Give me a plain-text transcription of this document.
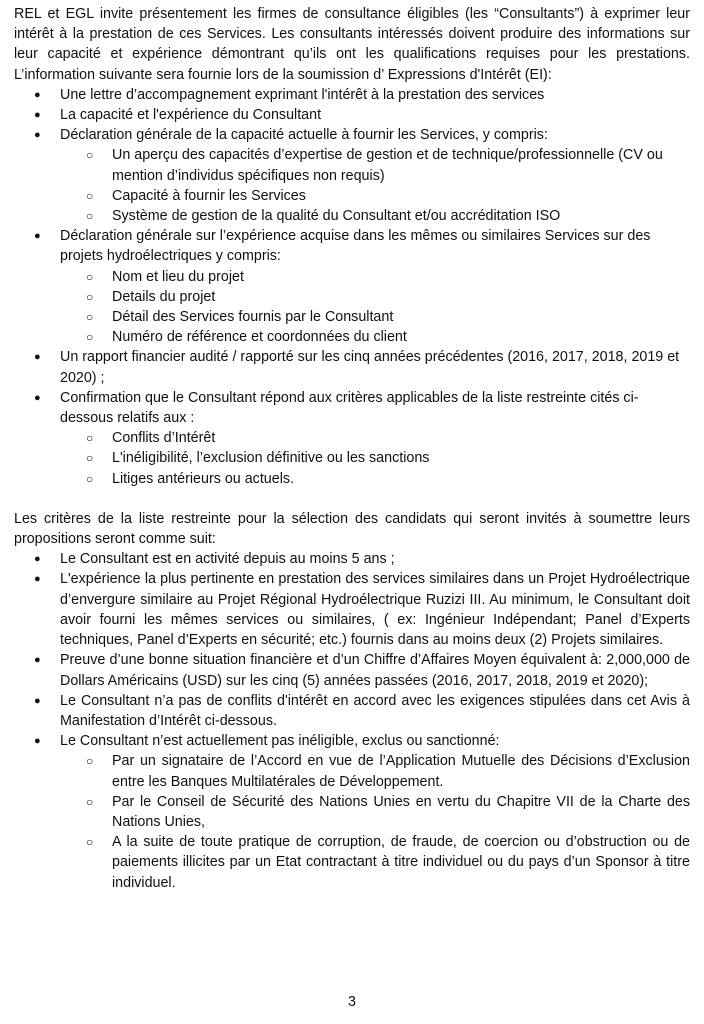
REL et EGL invite présentement les firmes de consultance éligibles (les “Consultants”) à exprimer leur intérêt à la prestation de ces Services. Les consultants intéressés doivent produire des informations sur leur capacité et expérience démontrant qu’ils ont les qualifications requises pour les prestations. L’information suivante sera fournie lors de la soumission d’ Expressions d'Intérêt (EI):

● Une lettre d’accompagnement exprimant l'intérêt à la prestation des services
● La capacité et l'expérience du Consultant
● Déclaration générale de la capacité actuelle à fournir les Services, y compris:
○ Un aperçu des capacités d’expertise de gestion et de technique/professionnelle (CV ou mention d’individus spécifiques non requis)
○ Capacité à fournir les Services
○ Système de gestion de la qualité du Consultant et/ou accréditation ISO
● Déclaration générale sur l’expérience acquise dans les mêmes ou similaires Services sur des projets hydroélectriques y compris:
○ Nom et lieu du projet
○ Details du projet
○ Détail des Services fournis par le Consultant
○ Numéro de référence et coordonnées du client
● Un rapport financier audité / rapporté sur les cinq années précédentes (2016, 2017, 2018, 2019 et 2020) ;
● Confirmation que le Consultant répond aux critères applicables de la liste restreinte cités ci-dessous relatifs aux :
○ Conflits d’Intérêt
○ L'inéligibilité, l’exclusion définitive ou les sanctions
○ Litiges antérieurs ou actuels.

Les critères de la liste restreinte pour la sélection des candidats qui seront invités à soumettre leurs propositions seront comme suit:

● Le Consultant est en activité depuis au moins 5 ans ;
● L'expérience la plus pertinente en prestation des services similaires dans un Projet Hydroélectrique d’envergure similaire au Projet Régional Hydroélectrique Ruzizi III. Au minimum, le Consultant doit avoir fourni les mêmes services ou similaires, ( ex: Ingénieur Indépendant; Panel d’Experts techniques, Panel d’Experts en sécurité; etc.) fournis dans au moins deux (2) Projets similaires.
● Preuve d’une bonne situation financière et d’un Chiffre d’Affaires Moyen équivalent à: 2,000,000 de Dollars Américains (USD) sur les cinq (5) années passées (2016, 2017, 2018, 2019 et 2020);
● Le Consultant n’a pas de conflits d'intérêt en accord avec les exigences stipulées dans cet Avis à Manifestation d’Intérêt ci-dessous.
● Le Consultant n’est actuellement pas inéligible, exclus ou sanctionné:
○ Par un signataire de l’Accord en vue de l’Application Mutuelle des Décisions d’Exclusion entre les Banques Multilatérales de Développement.
○ Par le Conseil de Sécurité des Nations Unies en vertu du Chapitre VII de la Charte des Nations Unies,
○ A la suite de toute pratique de corruption, de fraude, de coercion ou d’obstruction ou de paiements illicites par un Etat contractant à titre individuel ou du pays d’un Sponsor à titre individuel.
3
